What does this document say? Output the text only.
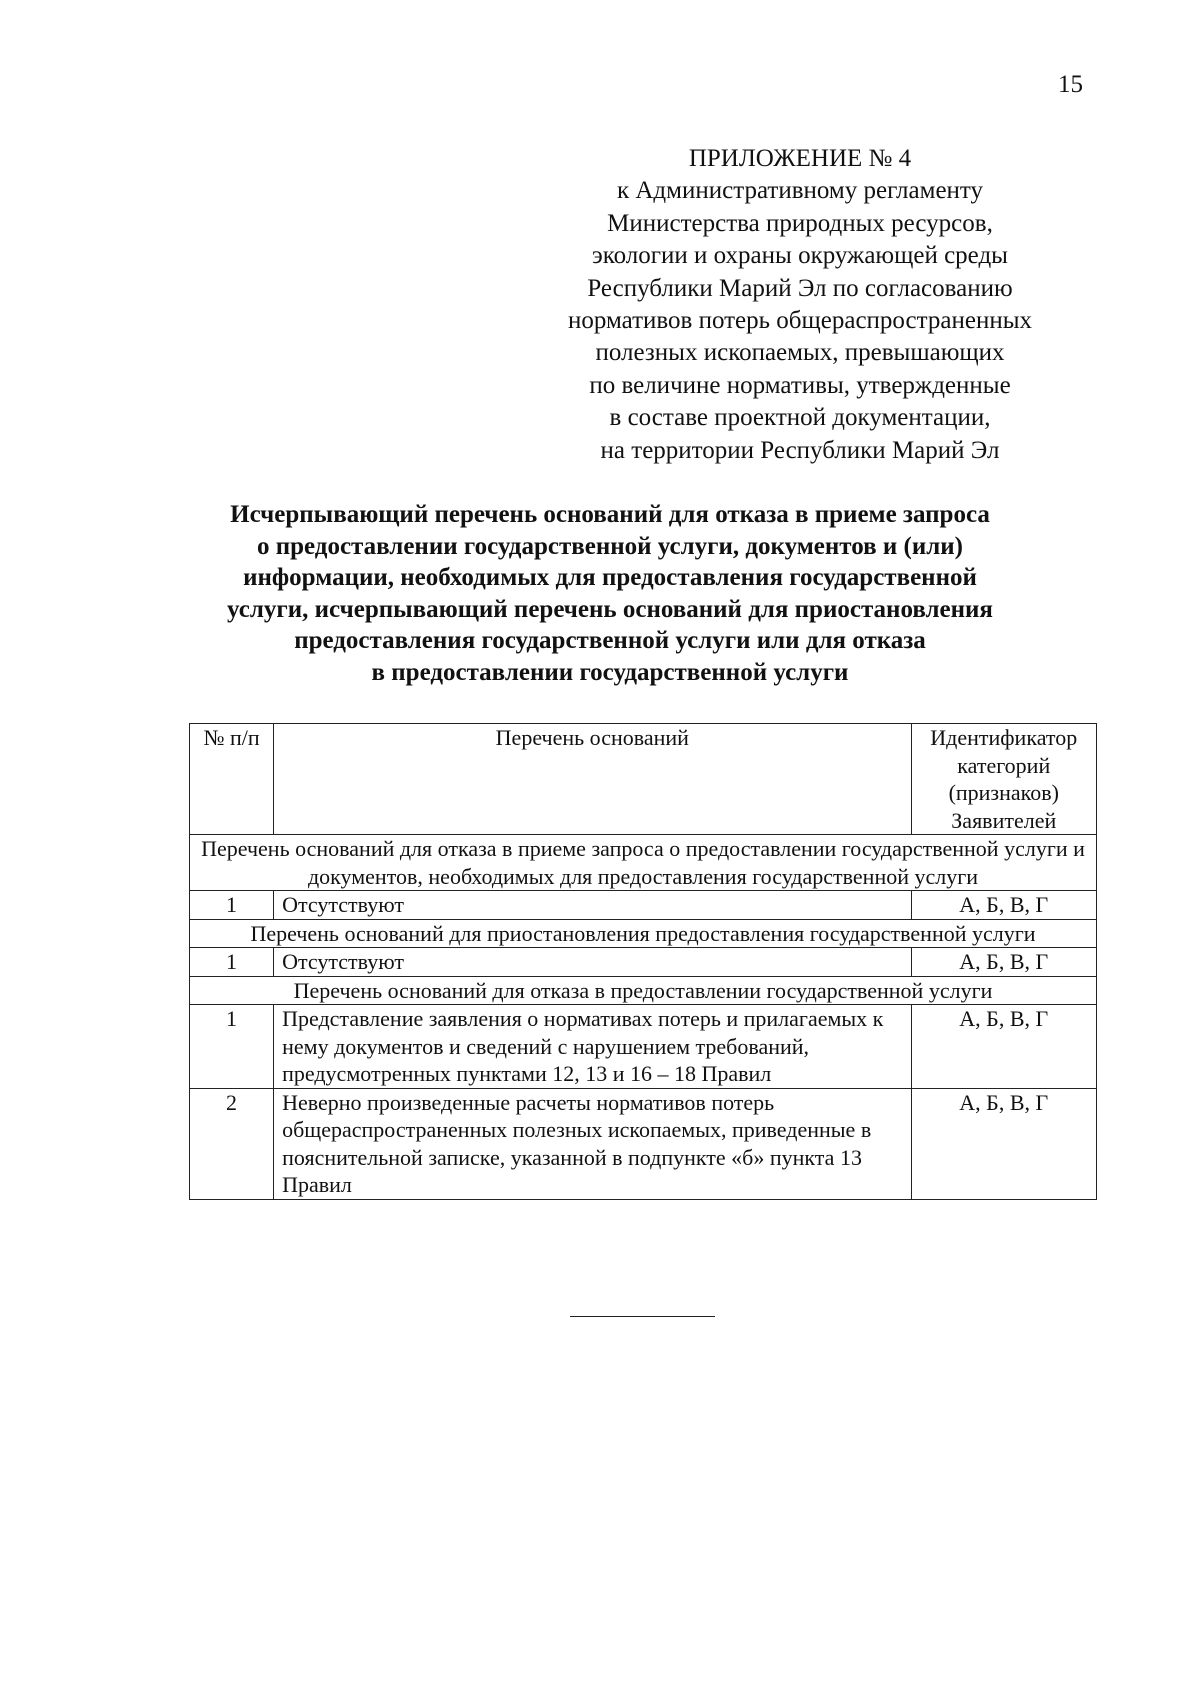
15
ПРИЛОЖЕНИЕ № 4
к Административному регламенту
Министерства природных ресурсов,
экологии и охраны окружающей среды
Республики Марий Эл по согласованию
нормативов потерь общераспространенных
полезных ископаемых, превышающих
по величине нормативы, утвержденные
в составе проектной документации,
на территории Республики Марий Эл
Исчерпывающий перечень оснований для отказа в приеме запроса
о предоставлении государственной услуги, документов и (или)
информации, необходимых для предоставления государственной
услуги, исчерпывающий перечень оснований для приостановления
предоставления государственной услуги или для отказа
в предоставлении государственной услуги
№ п/п	Перечень оснований	Идентификатор категорий (признаков) Заявителей
Перечень оснований для отказа в приеме запроса о предоставлении государственной услуги и документов, необходимых для предоставления государственной услуги		
1	Отсутствуют	А, Б, В, Г
Перечень оснований для приостановления предоставления государственной услуги		
1	Отсутствуют	А, Б, В, Г
Перечень оснований для отказа в предоставлении государственной услуги		
1	Представление заявления о нормативах потерь и прилагаемых к нему документов и сведений с нарушением требований, предусмотренных пунктами 12, 13 и 16 – 18 Правил	А, Б, В, Г
2	Неверно произведенные расчеты нормативов потерь общераспространенных полезных ископаемых, приведенные в пояснительной записке, указанной в подпункте «б» пункта 13 Правил	А, Б, В, Г
